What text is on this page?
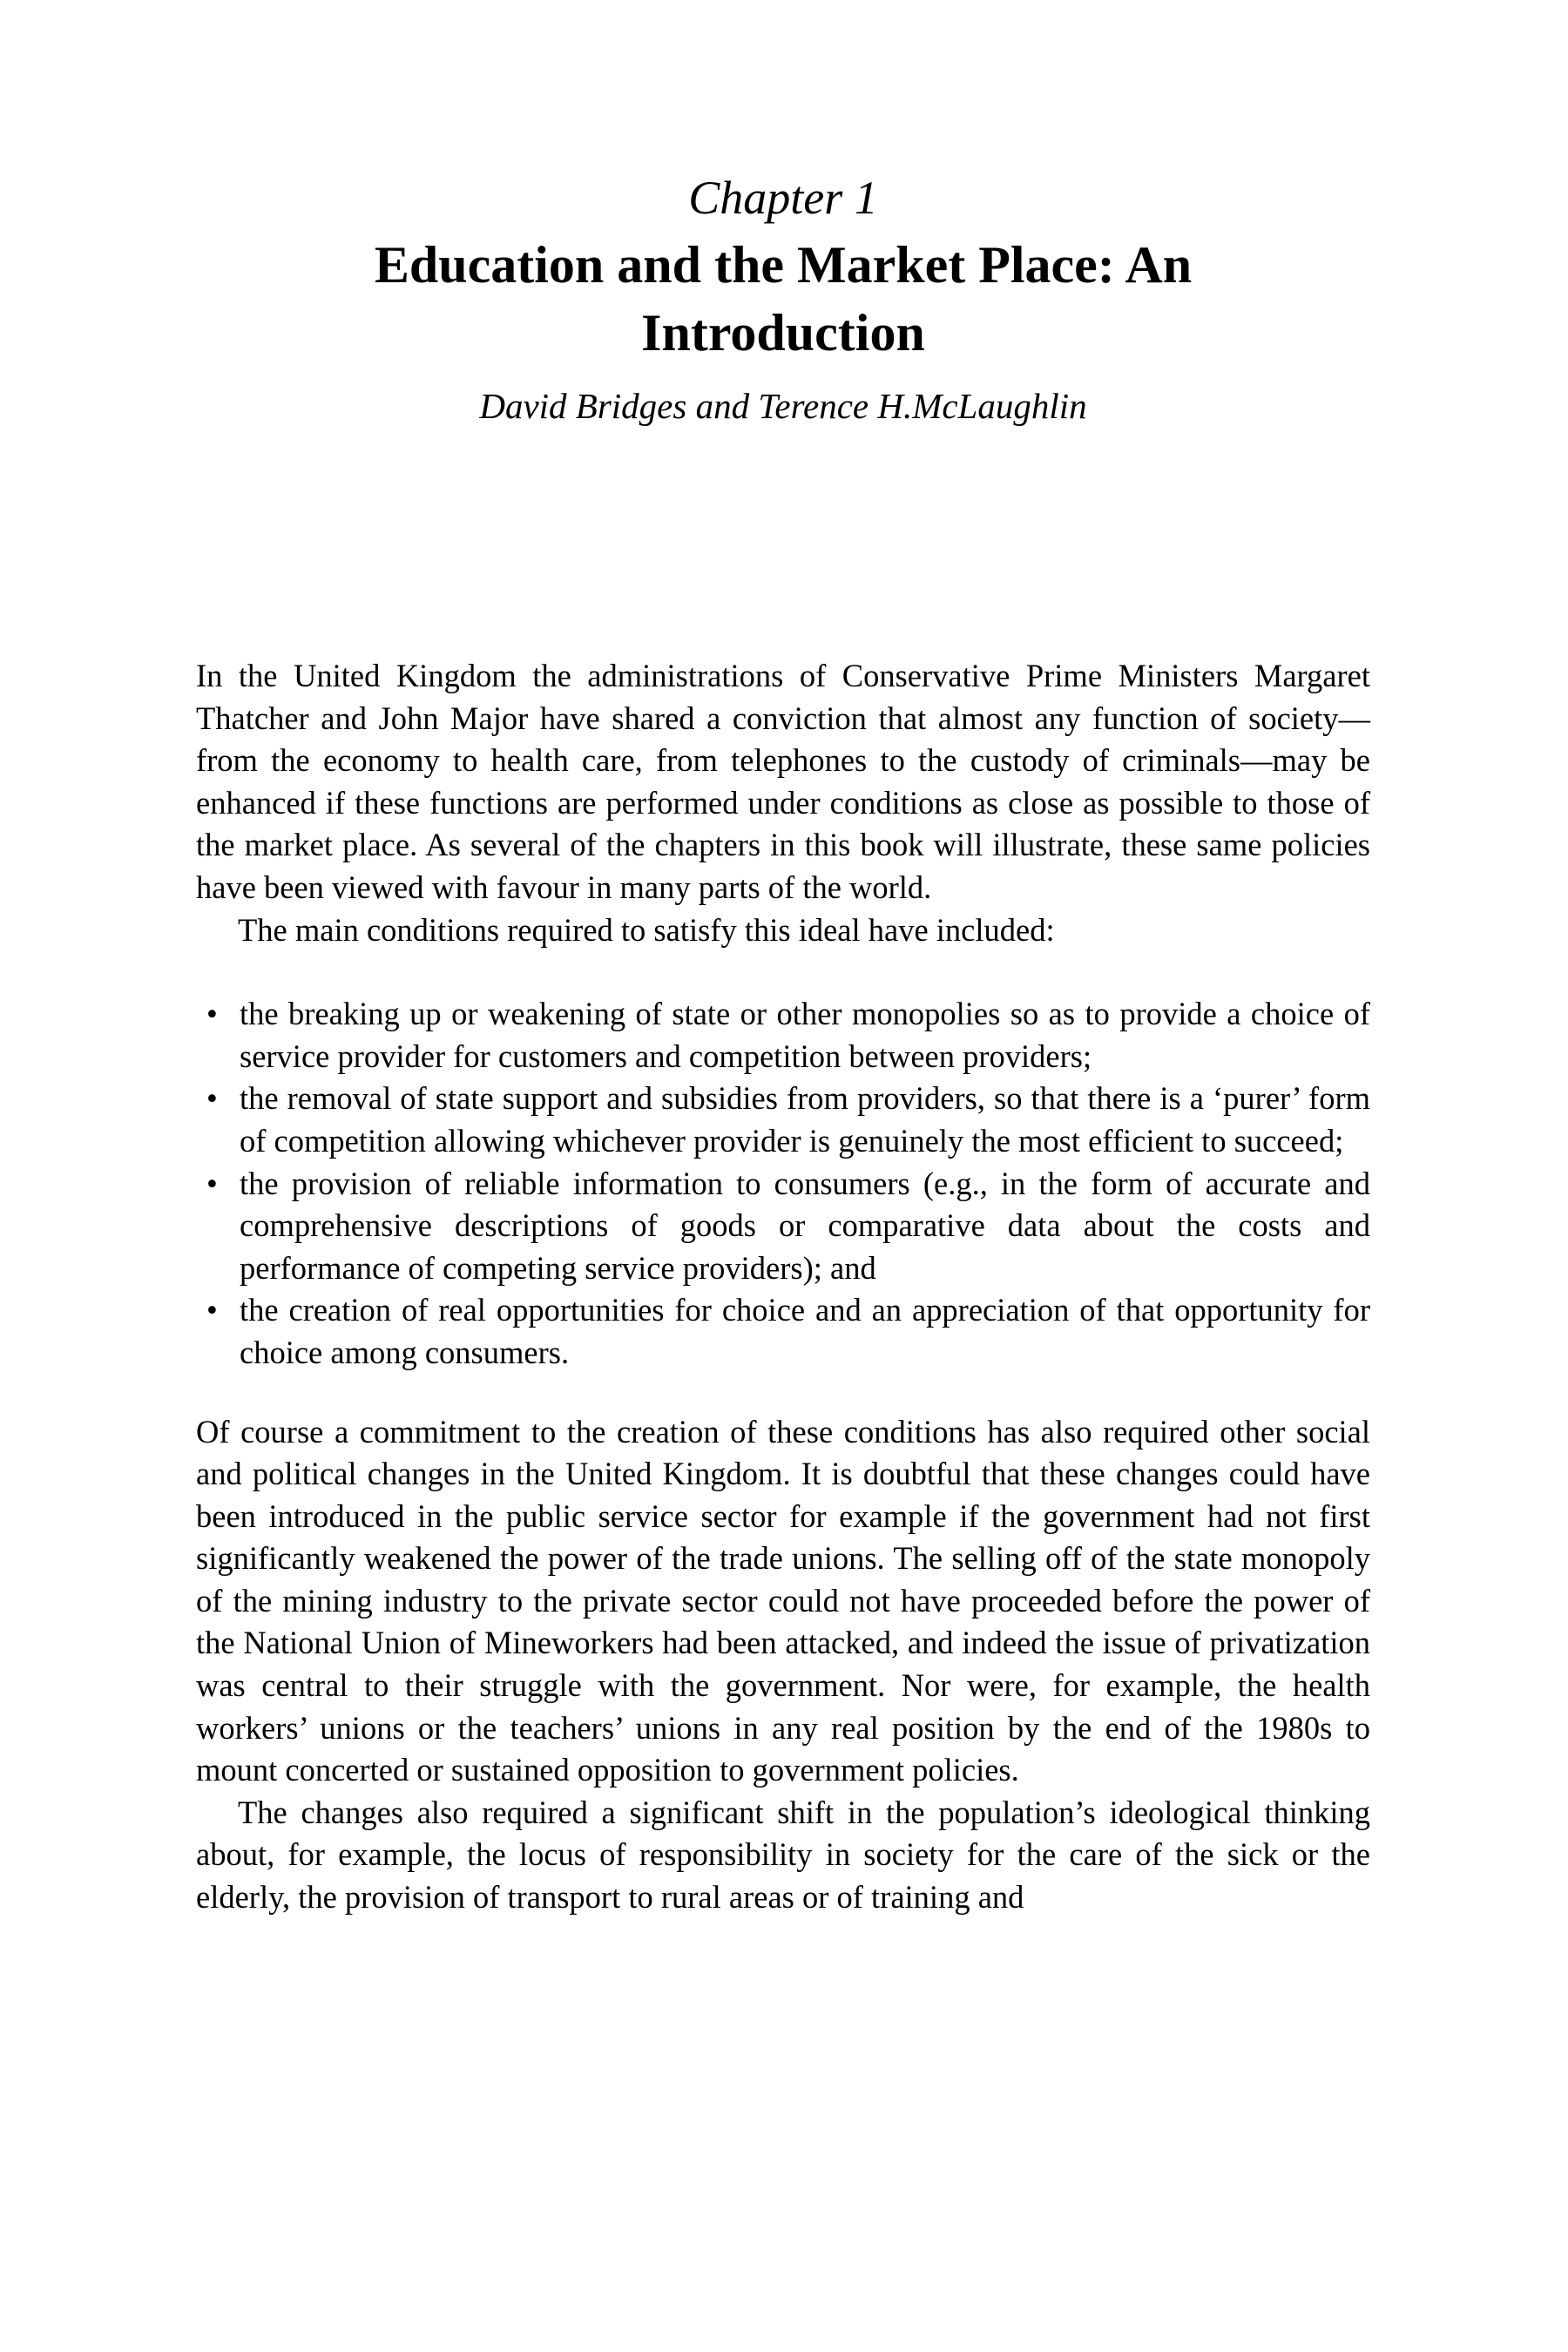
Chapter 1
Education and the Market Place: An Introduction
David Bridges and Terence H.McLaughlin

In the United Kingdom the administrations of Conservative Prime Ministers Margaret Thatcher and John Major have shared a conviction that almost any function of society—from the economy to health care, from telephones to the custody of criminals—may be enhanced if these functions are performed under conditions as close as possible to those of the market place. As several of the chapters in this book will illustrate, these same policies have been viewed with favour in many parts of the world.

The main conditions required to satisfy this ideal have included:

• the breaking up or weakening of state or other monopolies so as to provide a choice of service provider for customers and competition between providers;
• the removal of state support and subsidies from providers, so that there is a ‘purer’ form of competition allowing whichever provider is genuinely the most efficient to succeed;
• the provision of reliable information to consumers (e.g., in the form of accurate and comprehensive descriptions of goods or comparative data about the costs and performance of competing service providers); and
• the creation of real opportunities for choice and an appreciation of that opportunity for choice among consumers.

Of course a commitment to the creation of these conditions has also required other social and political changes in the United Kingdom. It is doubtful that these changes could have been introduced in the public service sector for example if the government had not first significantly weakened the power of the trade unions. The selling off of the state monopoly of the mining industry to the private sector could not have proceeded before the power of the National Union of Mineworkers had been attacked, and indeed the issue of privatization was central to their struggle with the government. Nor were, for example, the health workers’ unions or the teachers’ unions in any real position by the end of the 1980s to mount concerted or sustained opposition to government policies.

The changes also required a significant shift in the population’s ideological thinking about, for example, the locus of responsibility in society for the care of the sick or the elderly, the provision of transport to rural areas or of training and
